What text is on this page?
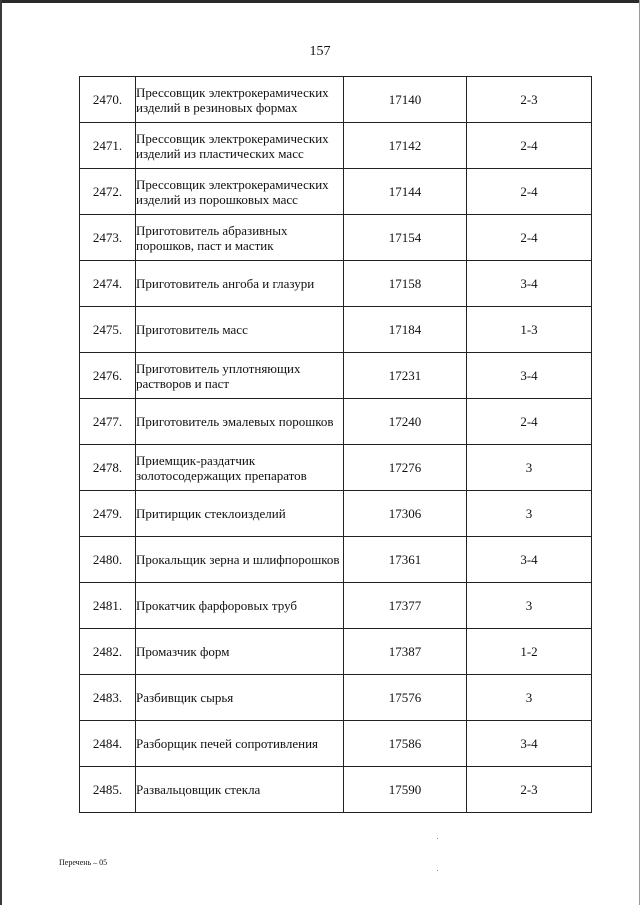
157
2470.	Прессовщик электрокерамических изделий в резиновых формах	17140	2-3
2471.	Прессовщик электрокерамических изделий из пластических масс	17142	2-4
2472.	Прессовщик электрокерамических изделий из порошковых масс	17144	2-4
2473.	Приготовитель абразивных порошков, паст и мастик	17154	2-4
2474.	Приготовитель ангоба и глазури	17158	3-4
2475.	Приготовитель масс	17184	1-3
2476.	Приготовитель уплотняющих растворов и паст	17231	3-4
2477.	Приготовитель эмалевых порошков	17240	2-4
2478.	Приемщик-раздатчик золотосодержащих препаратов	17276	3
2479.	Притирщик стеклоизделий	17306	3
2480.	Прокальщик зерна и шлифпорошков	17361	3-4
2481.	Прокатчик фарфоровых труб	17377	3
2482.	Промазчик форм	17387	1-2
2483.	Разбивщик сырья	17576	3
2484.	Разборщик печей сопротивления	17586	3-4
2485.	Развальцовщик стекла	17590	2-3
Перечень – 05
